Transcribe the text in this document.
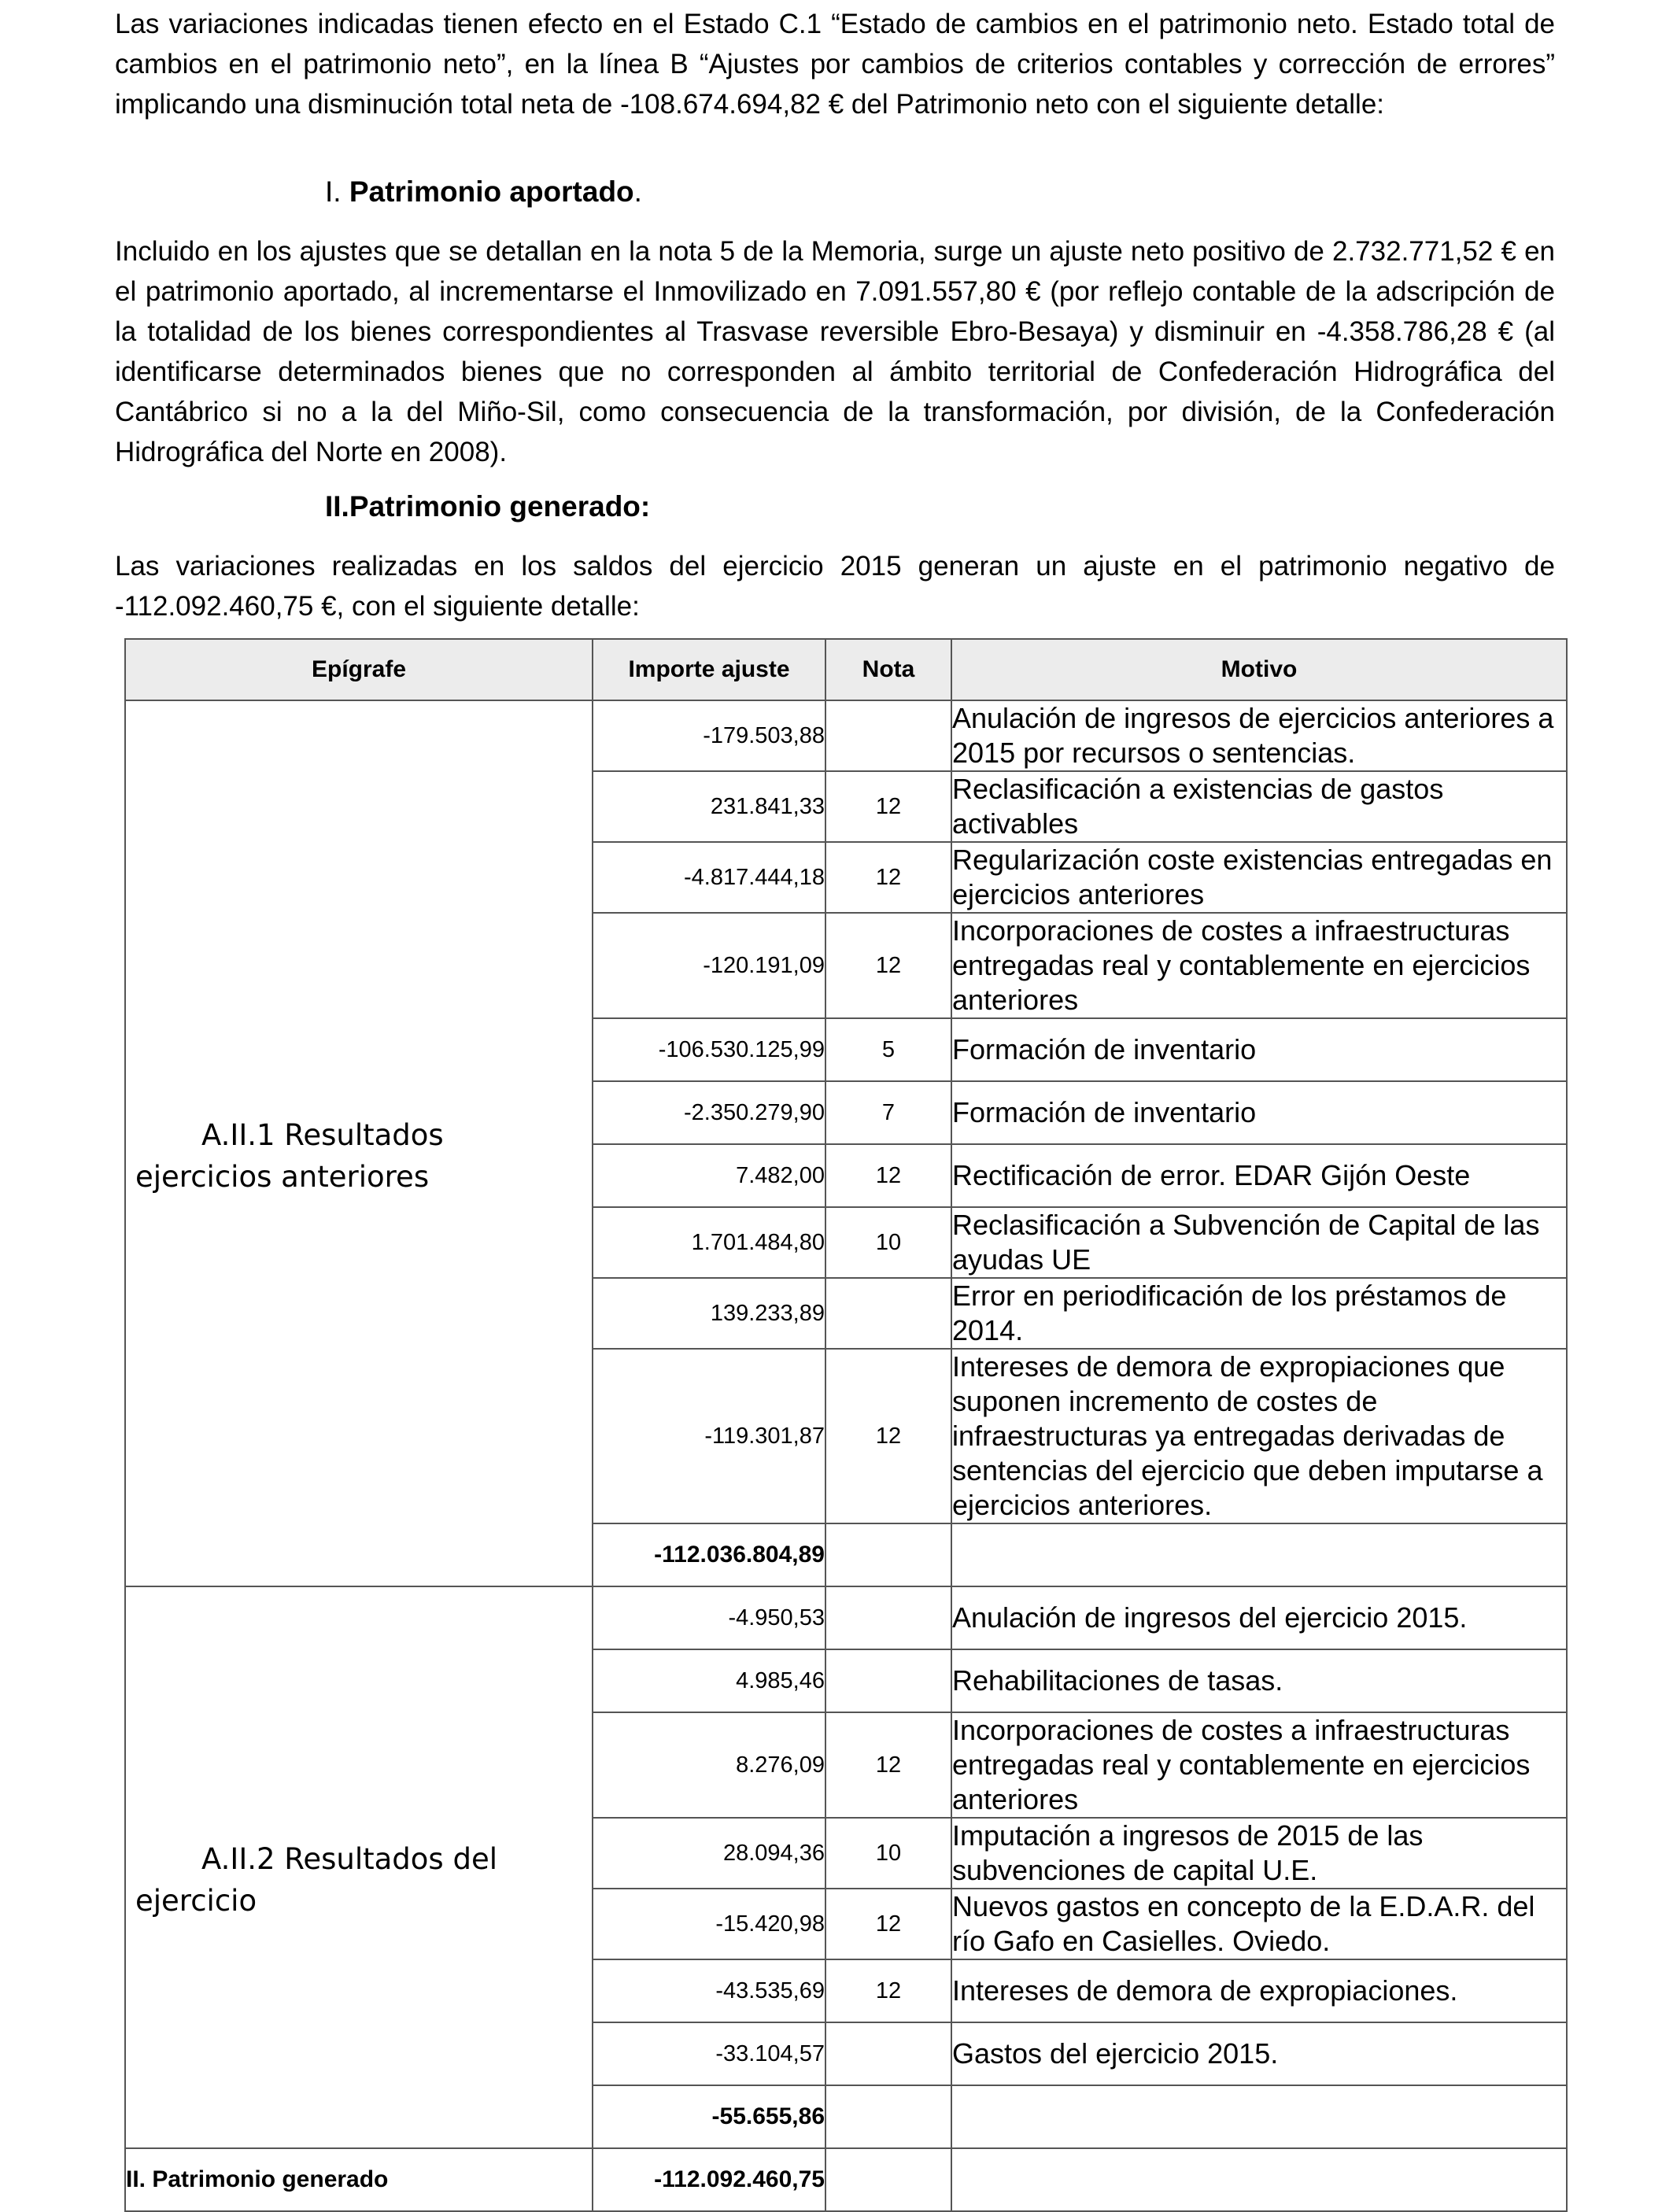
Las variaciones indicadas tienen efecto en el Estado C.1 “Estado de cambios en el patrimonio neto. Estado total de cambios en el patrimonio neto”, en la línea B “Ajustes por cambios de criterios contables y corrección de errores” implicando una disminución total neta de -108.674.694,82 € del Patrimonio neto con el siguiente detalle:

I. Patrimonio aportado.

Incluido en los ajustes que se detallan en la nota 5 de la Memoria, surge un ajuste neto positivo de 2.732.771,52 € en el patrimonio aportado, al incrementarse el Inmovilizado en 7.091.557,80 € (por reflejo contable de la adscripción de la totalidad de los bienes correspondientes al Trasvase reversible Ebro-Besaya) y disminuir en -4.358.786,28 € (al identificarse determinados bienes que no corresponden al ámbito territorial de Confederación Hidrográfica del Cantábrico si no a la del Miño-Sil, como consecuencia de la transformación, por división, de la Confederación Hidrográfica del Norte en 2008).

II.Patrimonio generado:

Las variaciones realizadas en los saldos del ejercicio 2015 generan un ajuste en el patrimonio negativo de -112.092.460,75 €, con el siguiente detalle:

Epígrafe	Importe ajuste	Nota	Motivo

A.II.1 Resultados ejercicios anteriores	-179.503,88		Anulación de ingresos de ejercicios anteriores a 2015 por recursos o sentencias.
	231.841,33	12	Reclasificación a existencias de gastos activables
	-4.817.444,18	12	Regularización coste existencias entregadas en ejercicios anteriores
	-120.191,09	12	Incorporaciones de costes a infraestructuras entregadas real y contablemente en ejercicios anteriores
	-106.530.125,99	5	Formación de inventario
	-2.350.279,90	7	Formación de inventario
	7.482,00	12	Rectificación de error. EDAR Gijón Oeste
	1.701.484,80	10	Reclasificación a Subvención de Capital de las ayudas UE
	139.233,89		Error en periodificación de los préstamos de 2014.
	-119.301,87	12	Intereses de demora de expropiaciones que suponen incremento de costes de infraestructuras ya entregadas derivadas de sentencias del ejercicio que deben imputarse a ejercicios anteriores.
	-112.036.804,89		

A.II.2 Resultados del ejercicio	-4.950,53		Anulación de ingresos del ejercicio 2015.
	4.985,46		Rehabilitaciones de tasas.
	8.276,09	12	Incorporaciones de costes a infraestructuras entregadas real y contablemente en ejercicios anteriores
	28.094,36	10	Imputación a ingresos de 2015 de las subvenciones de capital U.E.
	-15.420,98	12	Nuevos gastos en concepto de la E.D.A.R. del río Gafo en Casielles. Oviedo.
	-43.535,69	12	Intereses de demora de expropiaciones.
	-33.104,57		Gastos del ejercicio 2015.
	-55.655,86		
II. Patrimonio generado	-112.092.460,75		
